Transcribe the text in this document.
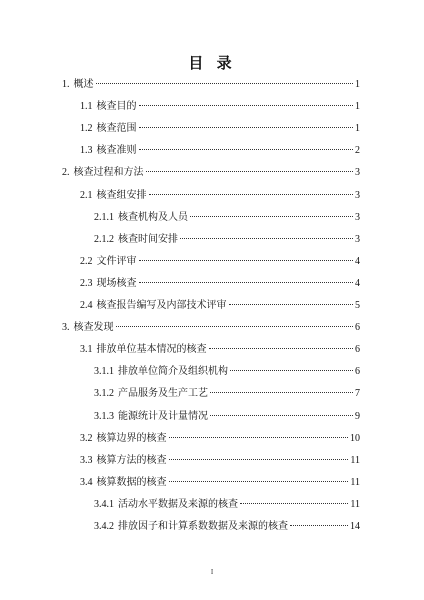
目 录
1. 概述	1
1.1 核查目的	1
1.2 核查范围	1
1.3 核查准则	2
2. 核查过程和方法	3
2.1 核查组安排	3
2.1.1 核查机构及人员	3
2.1.2 核查时间安排	3
2.2 文件评审	4
2.3 现场核查	4
2.4 核查报告编写及内部技术评审	5
3. 核查发现	6
3.1 排放单位基本情况的核查	6
3.1.1 排放单位简介及组织机构	6
3.1.2 产品服务及生产工艺	7
3.1.3 能源统计及计量情况	9
3.2 核算边界的核查	10
3.3 核算方法的核查	11
3.4 核算数据的核查	11
3.4.1 活动水平数据及来源的核查	11
3.4.2 排放因子和计算系数数据及来源的核查	14
I
